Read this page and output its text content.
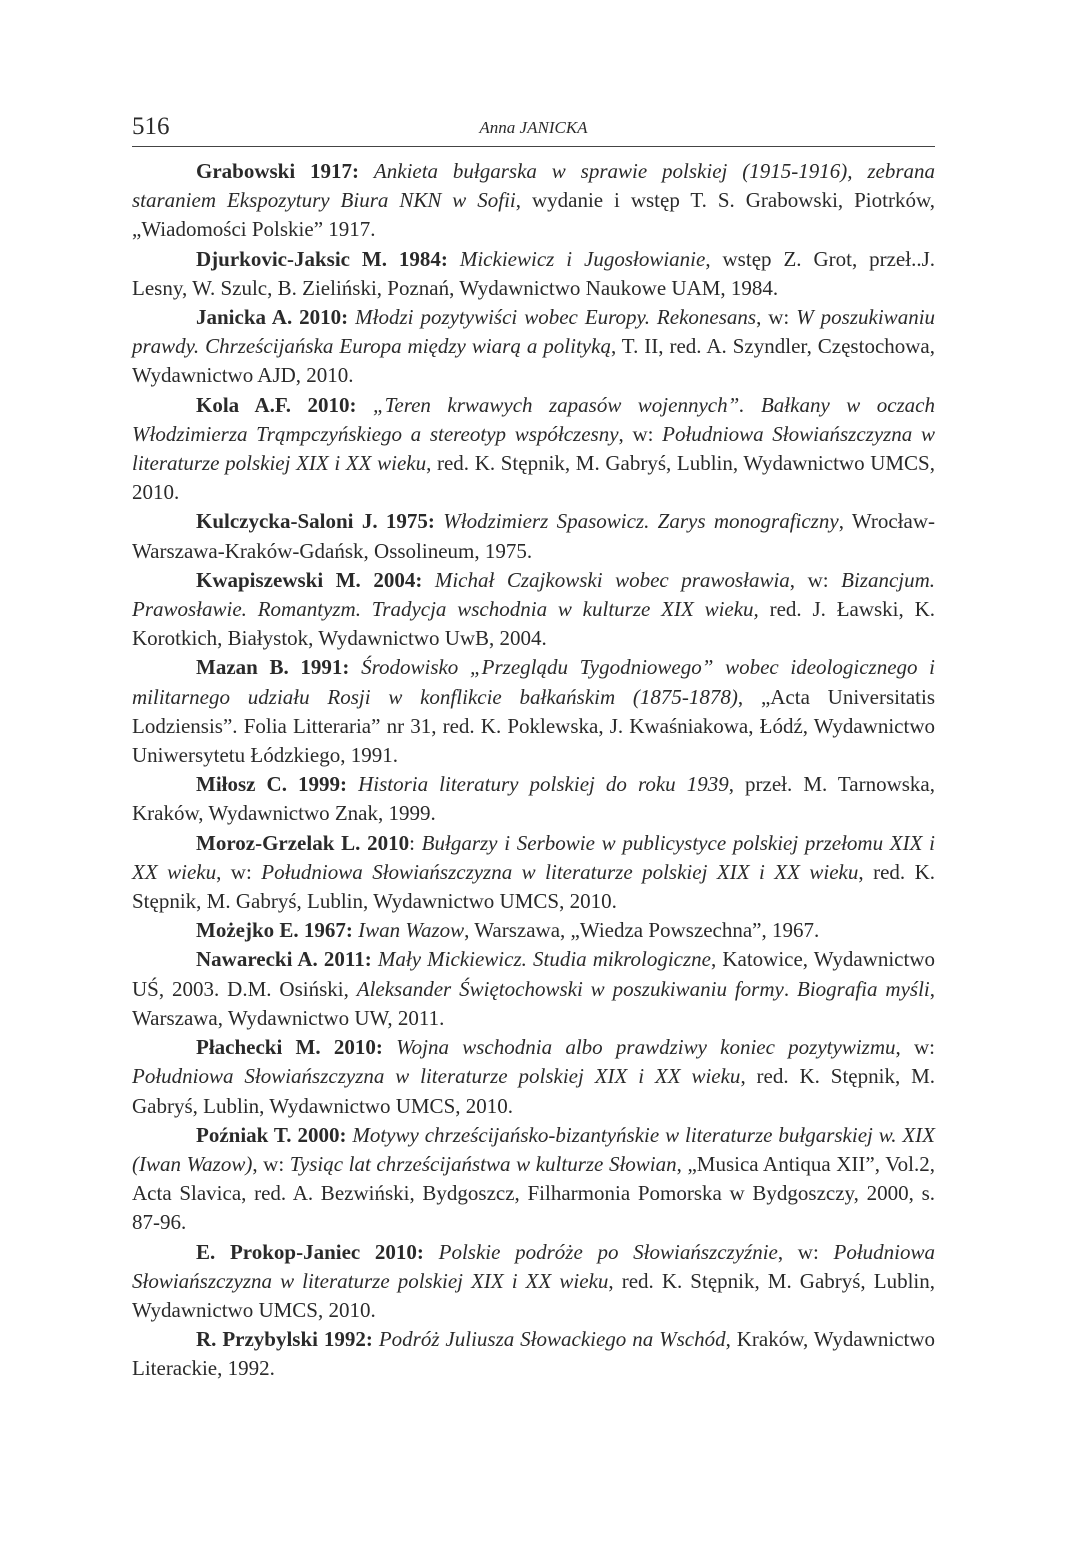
516	Anna JANICKA

Grabowski 1917: Ankieta bułgarska w sprawie polskiej (1915-1916), zebrana staraniem Ekspozytury Biura NKN w Sofii, wydanie i wstęp T. S. Grabowski, Piotrków, „Wiadomości Polskie” 1917.

Djurkovic-Jaksic M. 1984: Mickiewicz i Jugosłowianie, wstęp Z. Grot, przeł..J. Lesny, W. Szulc, B. Zieliński, Poznań, Wydawnictwo Naukowe UAM, 1984.

Janicka A. 2010: Młodzi pozytywiści wobec Europy. Rekonesans, w: W poszukiwaniu prawdy. Chrześcijańska Europa między wiarą a polityką, T. II, red. A. Szyndler, Częstochowa, Wydawnictwo AJD, 2010.

Kola A.F. 2010: „Teren krwawych zapasów wojennych”. Bałkany w oczach Włodzimierza Trąmpczyńskiego a stereotyp współczesny, w: Południowa Słowiańszczyzna w literaturze polskiej XIX i XX wieku, red. K. Stępnik, M. Gabryś, Lublin, Wydawnictwo UMCS, 2010.

Kulczycka-Saloni J. 1975: Włodzimierz Spasowicz. Zarys monograficzny, Wrocław-Warszawa-Kraków-Gdańsk, Ossolineum, 1975.

Kwapiszewski M. 2004: Michał Czajkowski wobec prawosławia, w: Bizancjum. Prawosławie. Romantyzm. Tradycja wschodnia w kulturze XIX wieku, red. J. Ławski, K. Korotkich, Białystok, Wydawnictwo UwB, 2004.

Mazan B. 1991: Środowisko „Przeglądu Tygodniowego” wobec ideologicznego i militarnego udziału Rosji w konflikcie bałkańskim (1875-1878), „Acta Universitatis Lodziensis”. Folia Litteraria” nr 31, red. K. Poklewska, J. Kwaśniakowa, Łódź, Wydawnictwo Uniwersytetu Łódzkiego, 1991.

Miłosz C. 1999: Historia literatury polskiej do roku 1939, przeł. M. Tarnowska, Kraków, Wydawnictwo Znak, 1999.

Moroz-Grzelak L. 2010: Bułgarzy i Serbowie w publicystyce polskiej przełomu XIX i XX wieku, w: Południowa Słowiańszczyzna w literaturze polskiej XIX i XX wieku, red. K. Stępnik, M. Gabryś, Lublin, Wydawnictwo UMCS, 2010.

Możejko E. 1967: Iwan Wazow, Warszawa, „Wiedza Powszechna”, 1967.

Nawarecki A. 2011: Mały Mickiewicz. Studia mikrologiczne, Katowice, Wydawnictwo UŚ, 2003. D.M. Osiński, Aleksander Świętochowski w poszukiwaniu formy. Biografia myśli, Warszawa, Wydawnictwo UW, 2011.

Płachecki M. 2010: Wojna wschodnia albo prawdziwy koniec pozytywizmu, w: Południowa Słowiańszczyzna w literaturze polskiej XIX i XX wieku, red. K. Stępnik, M. Gabryś, Lublin, Wydawnictwo UMCS, 2010.

Poźniak T. 2000: Motywy chrześcijańsko-bizantyńskie w literaturze bułgarskiej w. XIX (Iwan Wazow), w: Tysiąc lat chrześcijaństwa w kulturze Słowian, „Musica Antiqua XII”, Vol.2, Acta Slavica, red. A. Bezwiński, Bydgoszcz, Filharmonia Pomorska w Bydgoszczy, 2000, s. 87-96.

E. Prokop-Janiec 2010: Polskie podróże po Słowiańszczyźnie, w: Południowa Słowiańszczyzna w literaturze polskiej XIX i XX wieku, red. K. Stępnik, M. Gabryś, Lublin, Wydawnictwo UMCS, 2010.

R. Przybylski 1992: Podróż Juliusza Słowackiego na Wschód, Kraków, Wydawnictwo Literackie, 1992.
